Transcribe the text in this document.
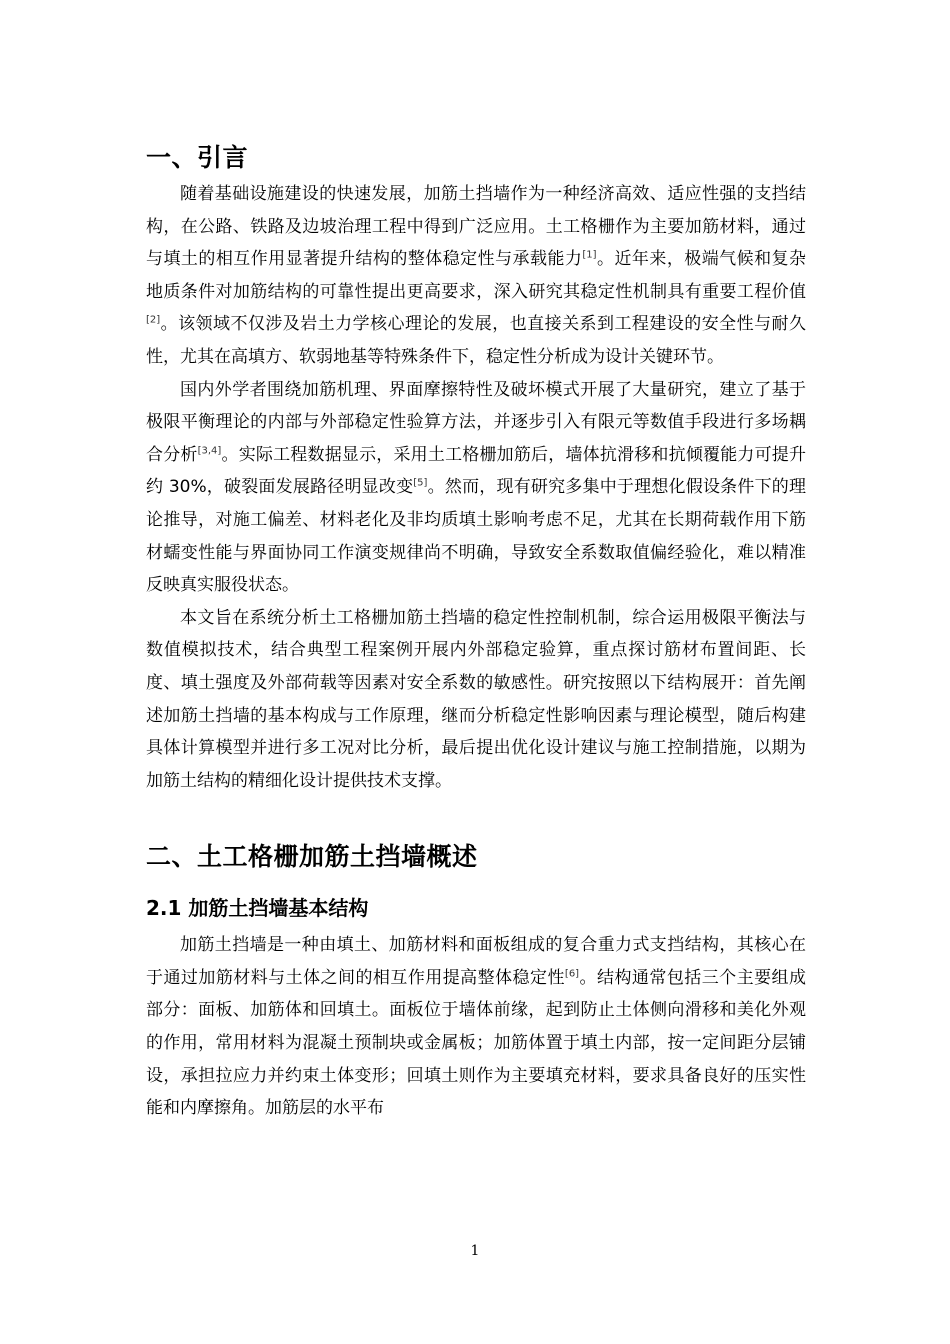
一、引言

随着基础设施建设的快速发展，加筋土挡墙作为一种经济高效、适应性强的支挡结构，在公路、铁路及边坡治理工程中得到广泛应用。土工格栅作为主要加筋材料，通过与填土的相互作用显著提升结构的整体稳定性与承载能力[1]。近年来，极端气候和复杂地质条件对加筋结构的可靠性提出更高要求，深入研究其稳定性机制具有重要工程价值[2]。该领域不仅涉及岩土力学核心理论的发展，也直接关系到工程建设的安全性与耐久性，尤其在高填方、软弱地基等特殊条件下，稳定性分析成为设计关键环节。

国内外学者围绕加筋机理、界面摩擦特性及破坏模式开展了大量研究，建立了基于极限平衡理论的内部与外部稳定性验算方法，并逐步引入有限元等数值手段进行多场耦合分析[3,4]。实际工程数据显示，采用土工格栅加筋后，墙体抗滑移和抗倾覆能力可提升约 30%，破裂面发展路径明显改变[5]。然而，现有研究多集中于理想化假设条件下的理论推导，对施工偏差、材料老化及非均质填土影响考虑不足，尤其在长期荷载作用下筋材蠕变性能与界面协同工作演变规律尚不明确，导致安全系数取值偏经验化，难以精准反映真实服役状态。

本文旨在系统分析土工格栅加筋土挡墙的稳定性控制机制，综合运用极限平衡法与数值模拟技术，结合典型工程案例开展内外部稳定验算，重点探讨筋材布置间距、长度、填土强度及外部荷载等因素对安全系数的敏感性。研究按照以下结构展开：首先阐述加筋土挡墙的基本构成与工作原理，继而分析稳定性影响因素与理论模型，随后构建具体计算模型并进行多工况对比分析，最后提出优化设计建议与施工控制措施，以期为加筋土结构的精细化设计提供技术支撑。

二、土工格栅加筋土挡墙概述
2.1 加筋土挡墙基本结构

加筋土挡墙是一种由填土、加筋材料和面板组成的复合重力式支挡结构，其核心在于通过加筋材料与土体之间的相互作用提高整体稳定性[6]。结构通常包括三个主要组成部分：面板、加筋体和回填土。面板位于墙体前缘，起到防止土体侧向滑移和美化外观的作用，常用材料为混凝土预制块或金属板；加筋体置于填土内部，按一定间距分层铺设，承担拉应力并约束土体变形；回填土则作为主要填充材料，要求具备良好的压实性能和内摩擦角。加筋层的水平布

1
